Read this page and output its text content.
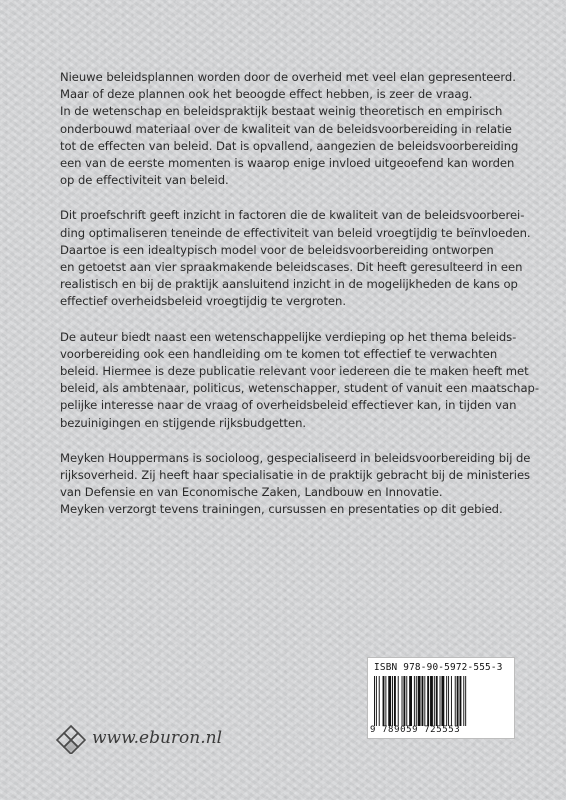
Nieuwe beleidsplannen worden door de overheid met veel elan gepresenteerd.
Maar of deze plannen ook het beoogde effect hebben, is zeer de vraag.
In de wetenschap en beleidspraktijk bestaat weinig theoretisch en empirisch
onderbouwd materiaal over de kwaliteit van de beleidsvoorbereiding in relatie
tot de effecten van beleid. Dat is opvallend, aangezien de beleidsvoorbereiding
een van de eerste momenten is waarop enige invloed uitgeoefend kan worden
op de effectiviteit van beleid.

Dit proefschrift geeft inzicht in factoren die de kwaliteit van de beleidsvoorberei-
ding optimaliseren teneinde de effectiviteit van beleid vroegtijdig te beïnvloeden.
Daartoe is een idealtypisch model voor de beleidsvoorbereiding ontworpen
en getoetst aan vier spraakmakende beleidscases. Dit heeft geresulteerd in een
realistisch en bij de praktijk aansluitend inzicht in de mogelijkheden de kans op
effectief overheidsbeleid vroegtijdig te vergroten.

De auteur biedt naast een wetenschappelijke verdieping op het thema beleids-
voorbereiding ook een handleiding om te komen tot effectief te verwachten
beleid. Hiermee is deze publicatie relevant voor iedereen die te maken heeft met
beleid, als ambtenaar, politicus, wetenschapper, student of vanuit een maatschap-
pelijke interesse naar de vraag of overheidsbeleid effectiever kan, in tijden van
bezuinigingen en stijgende rijksbudgetten.

Meyken Houppermans is socioloog, gespecialiseerd in beleidsvoorbereiding bij de
rijksoverheid. Zij heeft haar specialisatie in de praktijk gebracht bij de ministeries
van Defensie en van Economische Zaken, Landbouw en Innovatie.
Meyken verzorgt tevens trainingen, cursussen en presentaties op dit gebied.

ISBN 978-90-5972-555-3
9 789059 725553
www.eburon.nl
